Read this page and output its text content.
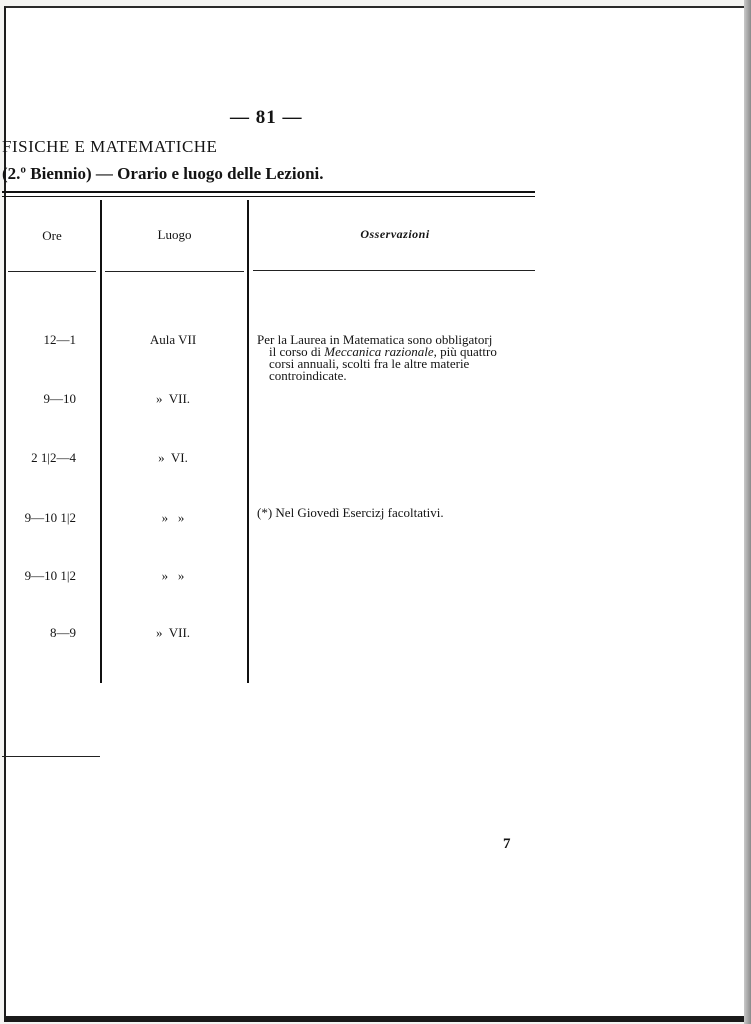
— 81 —
FISICHE E MATEMATICHE
(2.º Biennio) — Orario e luogo delle Lezioni.
Ore	Luogo	Osservazioni
12—1
9—10
2 1|2—4
9—10 1|2
9—10 1|2
8—9
Aula VII
»  VII.
»  VI.
»   »
»   »
»  VII.
Per la Laurea in Matematica sono obbligatorj
il corso di Meccanica razionale, più quattro
corsi annuali, scolti fra le altre materie
controindicate.
(*) Nel Giovedì Esercizj facoltativi.
7
